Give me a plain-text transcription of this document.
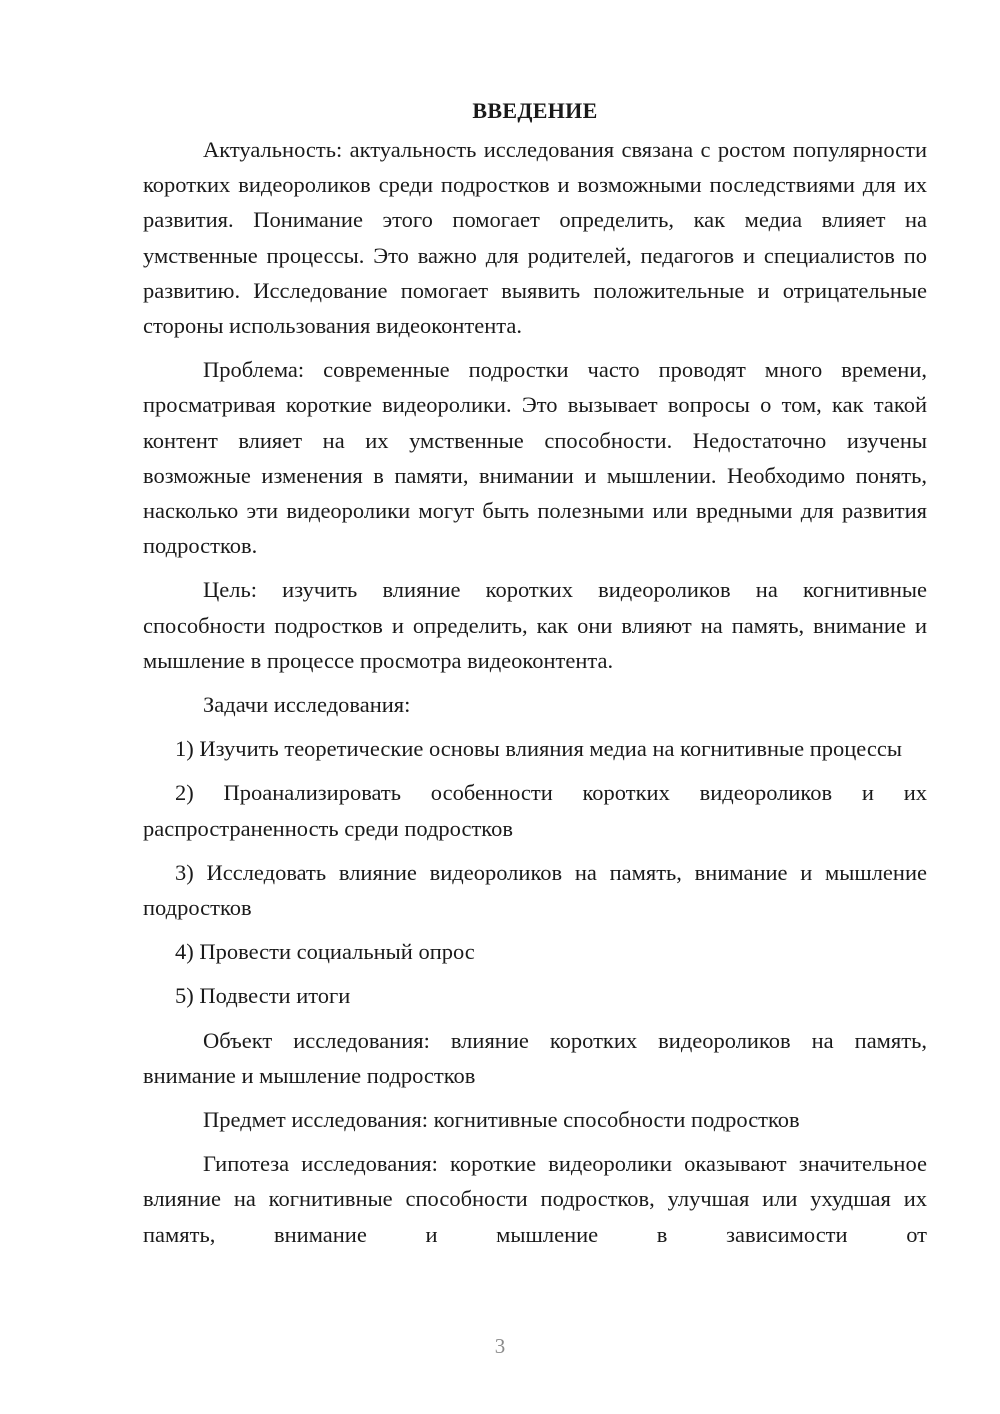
ВВЕДЕНИЕ

Актуальность: актуальность исследования связана с ростом популярности коротких видеороликов среди подростков и возможными последствиями для их развития. Понимание этого помогает определить, как медиа влияет на умственные процессы. Это важно для родителей, педагогов и специалистов по развитию. Исследование помогает выявить положительные и отрицательные стороны использования видеоконтента.

Проблема: современные подростки часто проводят много времени, просматривая короткие видеоролики. Это вызывает вопросы о том, как такой контент влияет на их умственные способности. Недостаточно изучены возможные изменения в памяти, внимании и мышлении. Необходимо понять, насколько эти видеоролики могут быть полезными или вредными для развития подростков.

Цель: изучить влияние коротких видеороликов на когнитивные способности подростков и определить, как они влияют на память, внимание и мышление в процессе просмотра видеоконтента.

Задачи исследования:

1) Изучить теоретические основы влияния медиа на когнитивные процессы

2) Проанализировать особенности коротких видеороликов и их распространенность среди подростков

3) Исследовать влияние видеороликов на память, внимание и мышление подростков

4) Провести социальный опрос

5) Подвести итоги

Объект исследования: влияние коротких видеороликов на память, внимание и мышление подростков

Предмет исследования: когнитивные способности подростков

Гипотеза исследования: короткие видеоролики оказывают значительное влияние на когнитивные способности подростков, улучшая или ухудшая их память, внимание и мышление в зависимости от

3
